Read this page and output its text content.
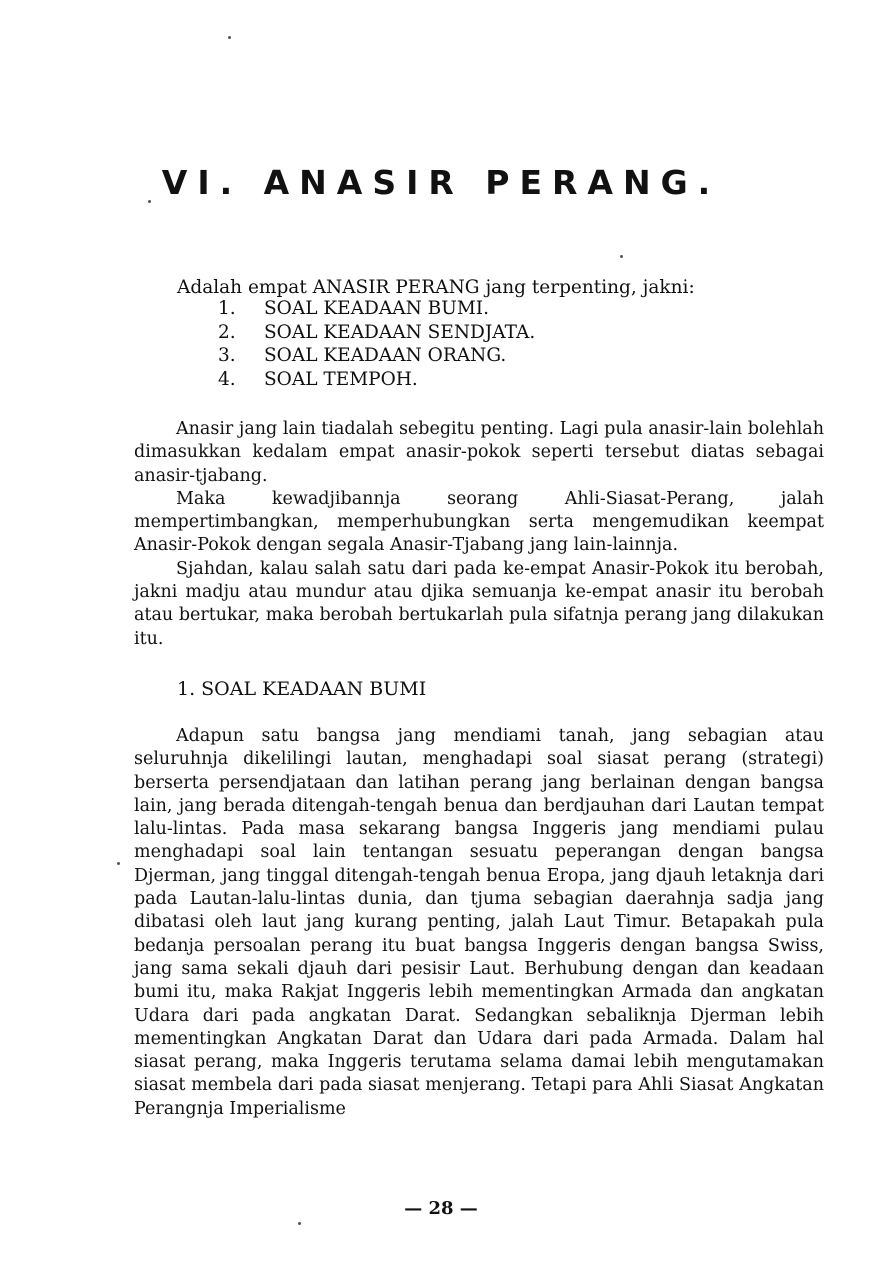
VI. ANASIR PERANG.

Adalah empat ANASIR PERANG jang terpenting, jakni:

1. SOAL KEADAAN BUMI.
2. SOAL KEADAAN SENDJATA.
3. SOAL KEADAAN ORANG.
4. SOAL TEMPOH.

Anasir jang lain tiadalah sebegitu penting. Lagi pula anasir-lain bolehlah dimasukkan kedalam empat anasir-pokok seperti tersebut diatas sebagai anasir-tjabang.

Maka kewadjibannja seorang Ahli-Siasat-Perang, jalah mempertimbangkan, memperhubungkan serta mengemudikan keempat Anasir-Pokok dengan segala Anasir-Tjabang jang lain-lainnja.

Sjahdan, kalau salah satu dari pada ke-empat Anasir-Pokok itu berobah, jakni madju atau mundur atau djika semuanja ke-empat anasir itu berobah atau bertukar, maka berobah bertukarlah pula sifatnja perang jang dilakukan itu.

1. SOAL KEADAAN BUMI

Adapun satu bangsa jang mendiami tanah, jang sebagian atau seluruhnja dikelilingi lautan, menghadapi soal siasat perang (strategi) berserta persendjataan dan latihan perang jang berlainan dengan bangsa lain, jang berada ditengah-tengah benua dan berdjauhan dari Lautan tempat lalu-lintas. Pada masa sekarang bangsa Inggeris jang mendiami pulau menghadapi soal lain tentangan sesuatu peperangan dengan bangsa Djerman, jang tinggal ditengah-tengah benua Eropa, jang djauh letaknja dari pada Lautan-lalu-lintas dunia, dan tjuma sebagian daerahnja sadja jang dibatasi oleh laut jang kurang penting, jalah Laut Timur. Betapakah pula bedanja persoalan perang itu buat bangsa Inggeris dengan bangsa Swiss, jang sama sekali djauh dari pesisir Laut. Berhubung dengan dan keadaan bumi itu, maka Rakjat Inggeris lebih mementingkan Armada dan angkatan Udara dari pada angkatan Darat. Sedangkan sebaliknja Djerman lebih mementingkan Angkatan Darat dan Udara dari pada Armada. Dalam hal siasat perang, maka Inggeris terutama selama damai lebih mengutamakan siasat membela dari pada siasat menjerang. Tetapi para Ahli Siasat Angkatan Perangnja Imperialisme

— 28 —
